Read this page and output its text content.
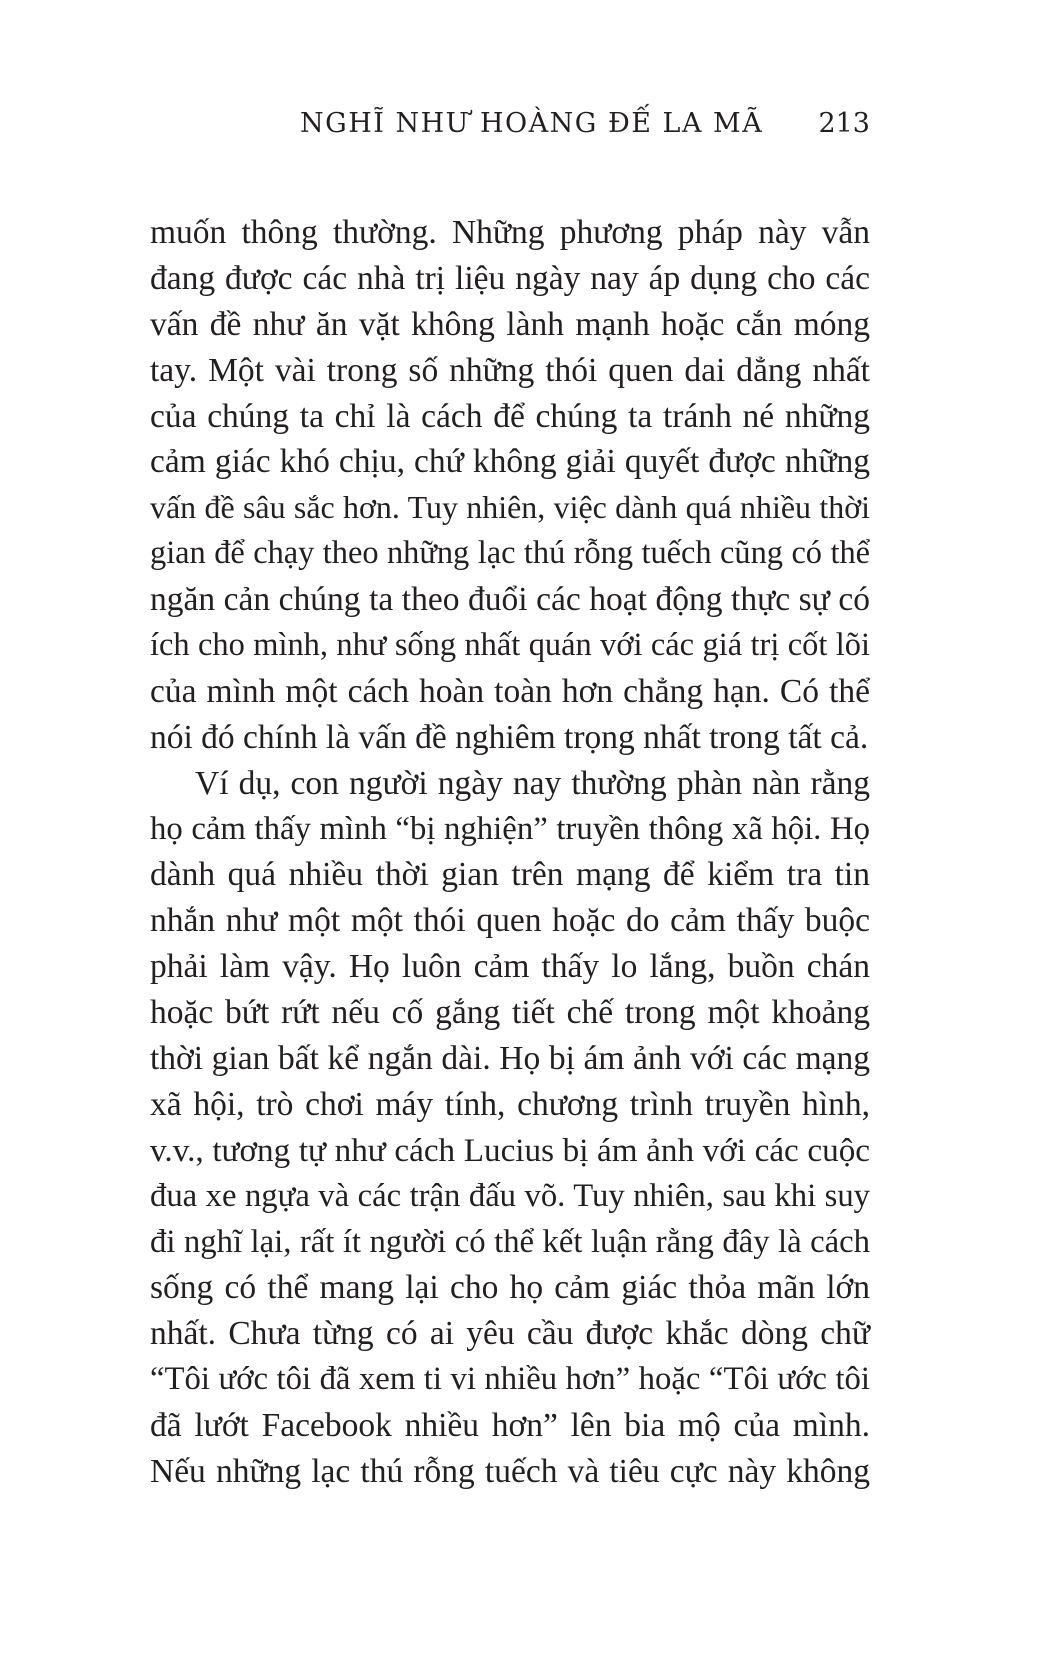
NGHĨ NHƯ HOÀNG ĐẾ LA MÃ 213
muốn thông thường. Những phương pháp này vẫn
đang được các nhà trị liệu ngày nay áp dụng cho các
vấn đề như ăn vặt không lành mạnh hoặc cắn móng
tay. Một vài trong số những thói quen dai dẳng nhất
của chúng ta chỉ là cách để chúng ta tránh né những
cảm giác khó chịu, chứ không giải quyết được những
vấn đề sâu sắc hơn. Tuy nhiên, việc dành quá nhiều thời
gian để chạy theo những lạc thú rỗng tuếch cũng có thể
ngăn cản chúng ta theo đuổi các hoạt động thực sự có
ích cho mình, như sống nhất quán với các giá trị cốt lõi
của mình một cách hoàn toàn hơn chẳng hạn. Có thể
nói đó chính là vấn đề nghiêm trọng nhất trong tất cả.
Ví dụ, con người ngày nay thường phàn nàn rằng
họ cảm thấy mình “bị nghiện” truyền thông xã hội. Họ
dành quá nhiều thời gian trên mạng để kiểm tra tin
nhắn như một một thói quen hoặc do cảm thấy buộc
phải làm vậy. Họ luôn cảm thấy lo lắng, buồn chán
hoặc bứt rứt nếu cố gắng tiết chế trong một khoảng
thời gian bất kể ngắn dài. Họ bị ám ảnh với các mạng
xã hội, trò chơi máy tính, chương trình truyền hình,
v.v., tương tự như cách Lucius bị ám ảnh với các cuộc
đua xe ngựa và các trận đấu võ. Tuy nhiên, sau khi suy
đi nghĩ lại, rất ít người có thể kết luận rằng đây là cách
sống có thể mang lại cho họ cảm giác thỏa mãn lớn
nhất. Chưa từng có ai yêu cầu được khắc dòng chữ
“Tôi ước tôi đã xem ti vi nhiều hơn” hoặc “Tôi ước tôi
đã lướt Facebook nhiều hơn” lên bia mộ của mình.
Nếu những lạc thú rỗng tuếch và tiêu cực này không
